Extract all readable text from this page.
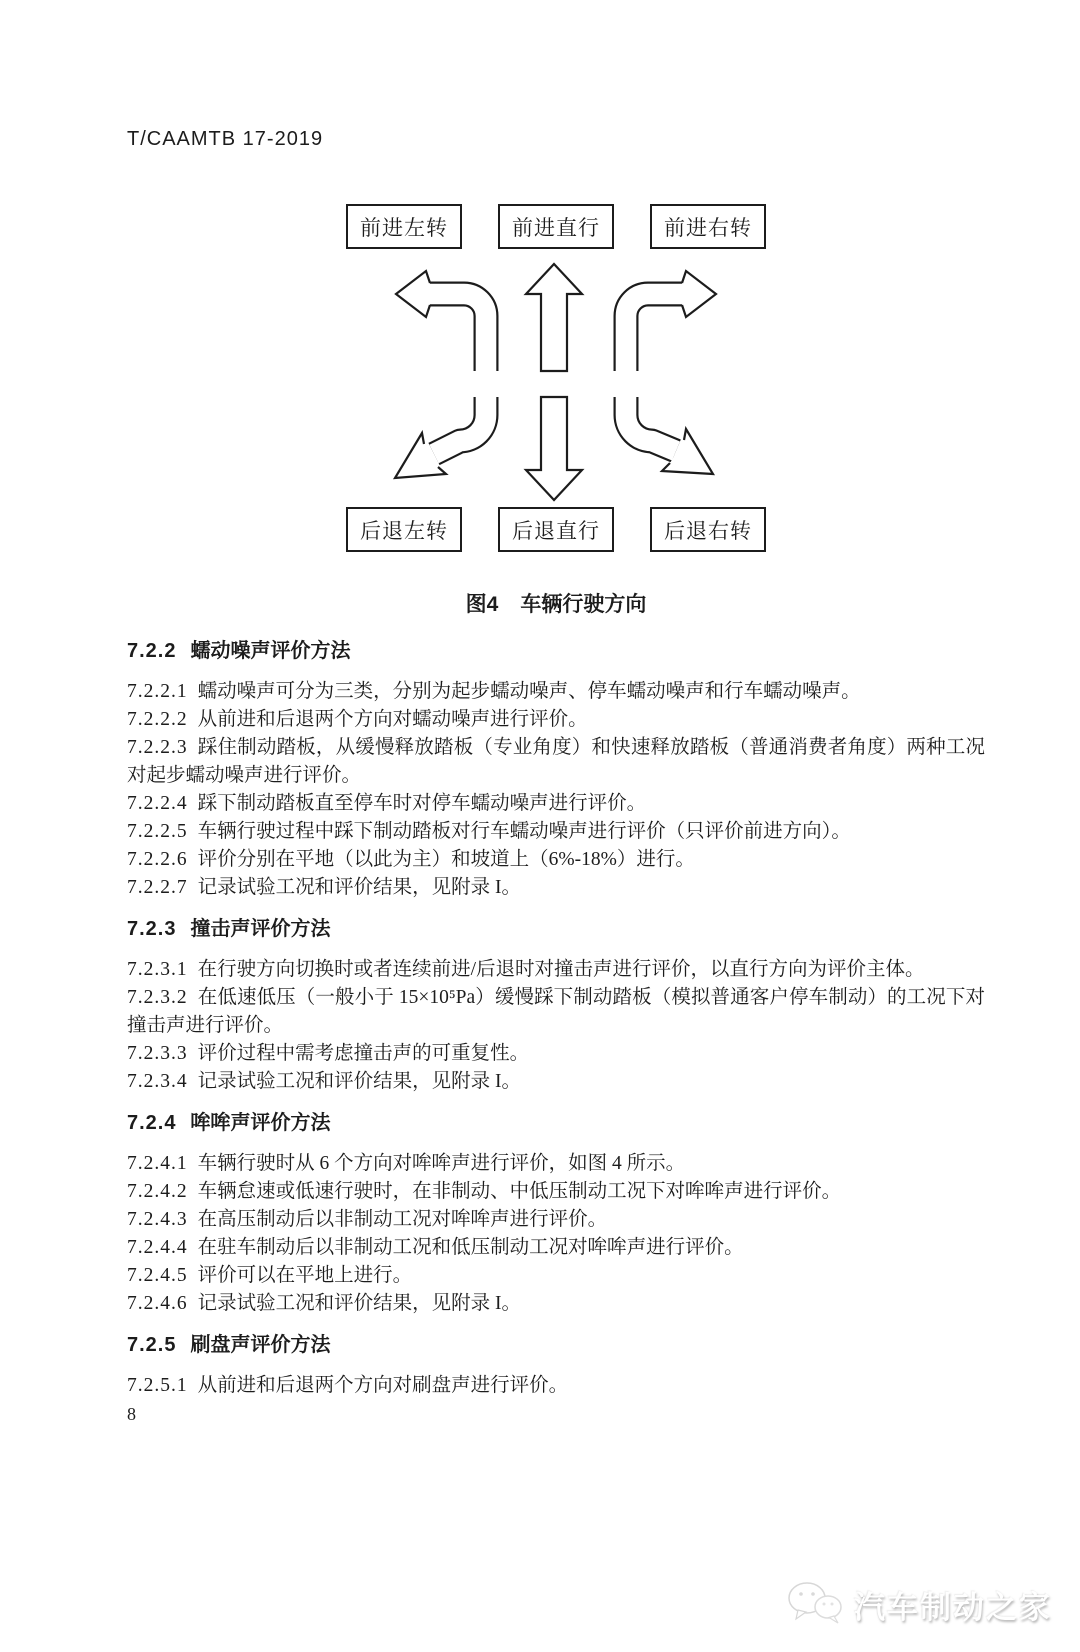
T/CAAMTB 17-2019
前进左转	前进直行	前进右转
后退左转	后退直行	后退右转
图4 车辆行驶方向
7.2.2 蠕动噪声评价方法

7.2.2.1 蠕动噪声可分为三类，分别为起步蠕动噪声、停车蠕动噪声和行车蠕动噪声。

7.2.2.2 从前进和后退两个方向对蠕动噪声进行评价。

7.2.2.3 踩住制动踏板，从缓慢释放踏板（专业角度）和快速释放踏板（普通消费者角度）两种工况对起步蠕动噪声进行评价。

7.2.2.4 踩下制动踏板直至停车时对停车蠕动噪声进行评价。

7.2.2.5 车辆行驶过程中踩下制动踏板对行车蠕动噪声进行评价（只评价前进方向）。

7.2.2.6 评价分别在平地（以此为主）和坡道上（6%-18%）进行。

7.2.2.7 记录试验工况和评价结果，见附录 I。

7.2.3 撞击声评价方法

7.2.3.1 在行驶方向切换时或者连续前进/后退时对撞击声进行评价，以直行方向为评价主体。

7.2.3.2 在低速低压（一般小于 15×10⁵Pa）缓慢踩下制动踏板（模拟普通客户停车制动）的工况下对撞击声进行评价。

7.2.3.3 评价过程中需考虑撞击声的可重复性。

7.2.3.4 记录试验工况和评价结果，见附录 I。

7.2.4 哞哞声评价方法

7.2.4.1 车辆行驶时从 6 个方向对哞哞声进行评价，如图 4 所示。

7.2.4.2 车辆怠速或低速行驶时，在非制动、中低压制动工况下对哞哞声进行评价。

7.2.4.3 在高压制动后以非制动工况对哞哞声进行评价。

7.2.4.4 在驻车制动后以非制动工况和低压制动工况对哞哞声进行评价。

7.2.4.5 评价可以在平地上进行。

7.2.4.6 记录试验工况和评价结果，见附录 I。

7.2.5 刷盘声评价方法

7.2.5.1 从前进和后退两个方向对刷盘声进行评价。

8
汽车制动之家
